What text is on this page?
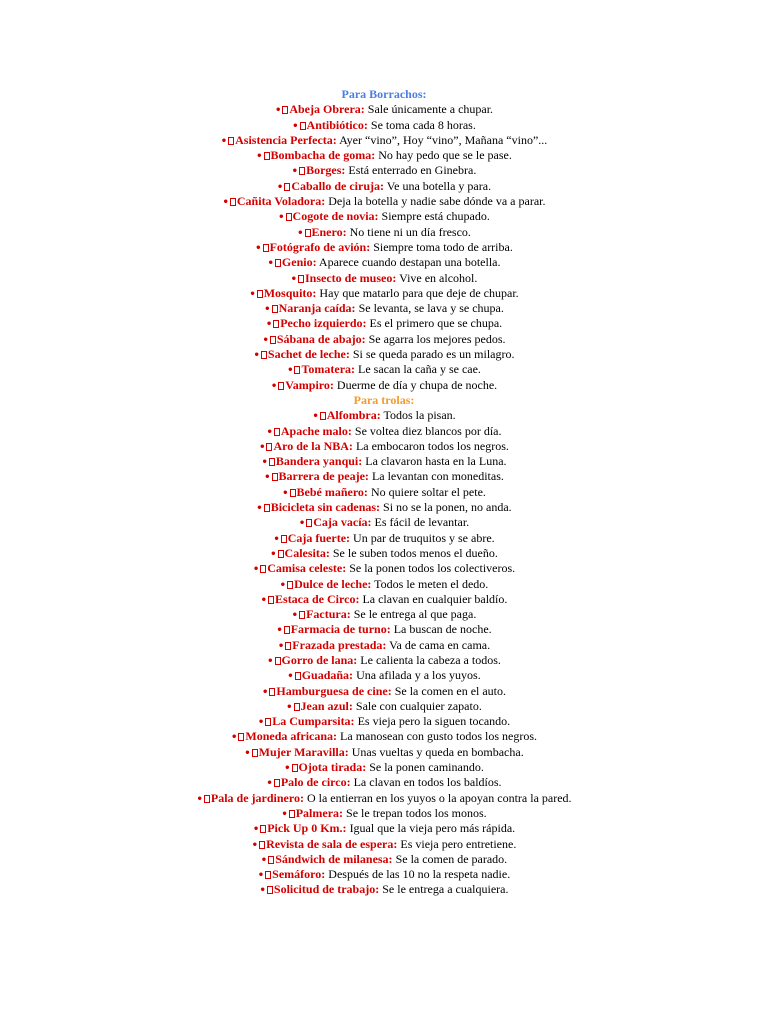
Para Borrachos:
• Abeja Obrera: Sale únicamente a chupar.
• Antibiótico: Se toma cada 8 horas.
• Asistencia Perfecta: Ayer “vino”, Hoy “vino”, Mañana “vino”...
• Bombacha de goma: No hay pedo que se le pase.
• Borges: Está enterrado en Ginebra.
• Caballo de ciruja: Ve una botella y para.
• Cañita Voladora: Deja la botella y nadie sabe dónde va a parar.
• Cogote de novia: Siempre está chupado.
• Enero: No tiene ni un día fresco.
• Fotógrafo de avión: Siempre toma todo de arriba.
• Genio: Aparece cuando destapan una botella.
• Insecto de museo: Vive en alcohol.
• Mosquito: Hay que matarlo para que deje de chupar.
• Naranja caída: Se levanta, se lava y se chupa.
• Pecho izquierdo: Es el primero que se chupa.
• Sábana de abajo: Se agarra los mejores pedos.
• Sachet de leche: Si se queda parado es un milagro.
• Tomatera: Le sacan la caña y se cae.
• Vampiro: Duerme de día y chupa de noche.
Para trolas:
• Alfombra: Todos la pisan.
• Apache malo: Se voltea diez blancos por día.
• Aro de la NBA: La embocaron todos los negros.
• Bandera yanqui: La clavaron hasta en la Luna.
• Barrera de peaje: La levantan con moneditas.
• Bebé mañero: No quiere soltar el pete.
• Bicicleta sin cadenas: Si no se la ponen, no anda.
• Caja vacía: Es fácil de levantar.
• Caja fuerte: Un par de truquitos y se abre.
• Calesita: Se le suben todos menos el dueño.
• Camisa celeste: Se la ponen todos los colectiveros.
• Dulce de leche: Todos le meten el dedo.
• Estaca de Circo: La clavan en cualquier baldío.
• Factura: Se le entrega al que paga.
• Farmacia de turno: La buscan de noche.
• Frazada prestada: Va de cama en cama.
• Gorro de lana: Le calienta la cabeza a todos.
• Guadaña: Una afilada y a los yuyos.
• Hamburguesa de cine: Se la comen en el auto.
• Jean azul: Sale con cualquier zapato.
• La Cumparsita: Es vieja pero la siguen tocando.
• Moneda africana: La manosean con gusto todos los negros.
• Mujer Maravilla: Unas vueltas y queda en bombacha.
• Ojota tirada: Se la ponen caminando.
• Palo de circo: La clavan en todos los baldíos.
• Pala de jardinero: O la entierran en los yuyos o la apoyan contra la pared.
• Palmera: Se le trepan todos los monos.
• Pick Up 0 Km.: Igual que la vieja pero más rápida.
• Revista de sala de espera: Es vieja pero entretiene.
• Sándwich de milanesa: Se la comen de parado.
• Semáforo: Después de las 10 no la respeta nadie.
• Solicitud de trabajo: Se le entrega a cualquiera.
